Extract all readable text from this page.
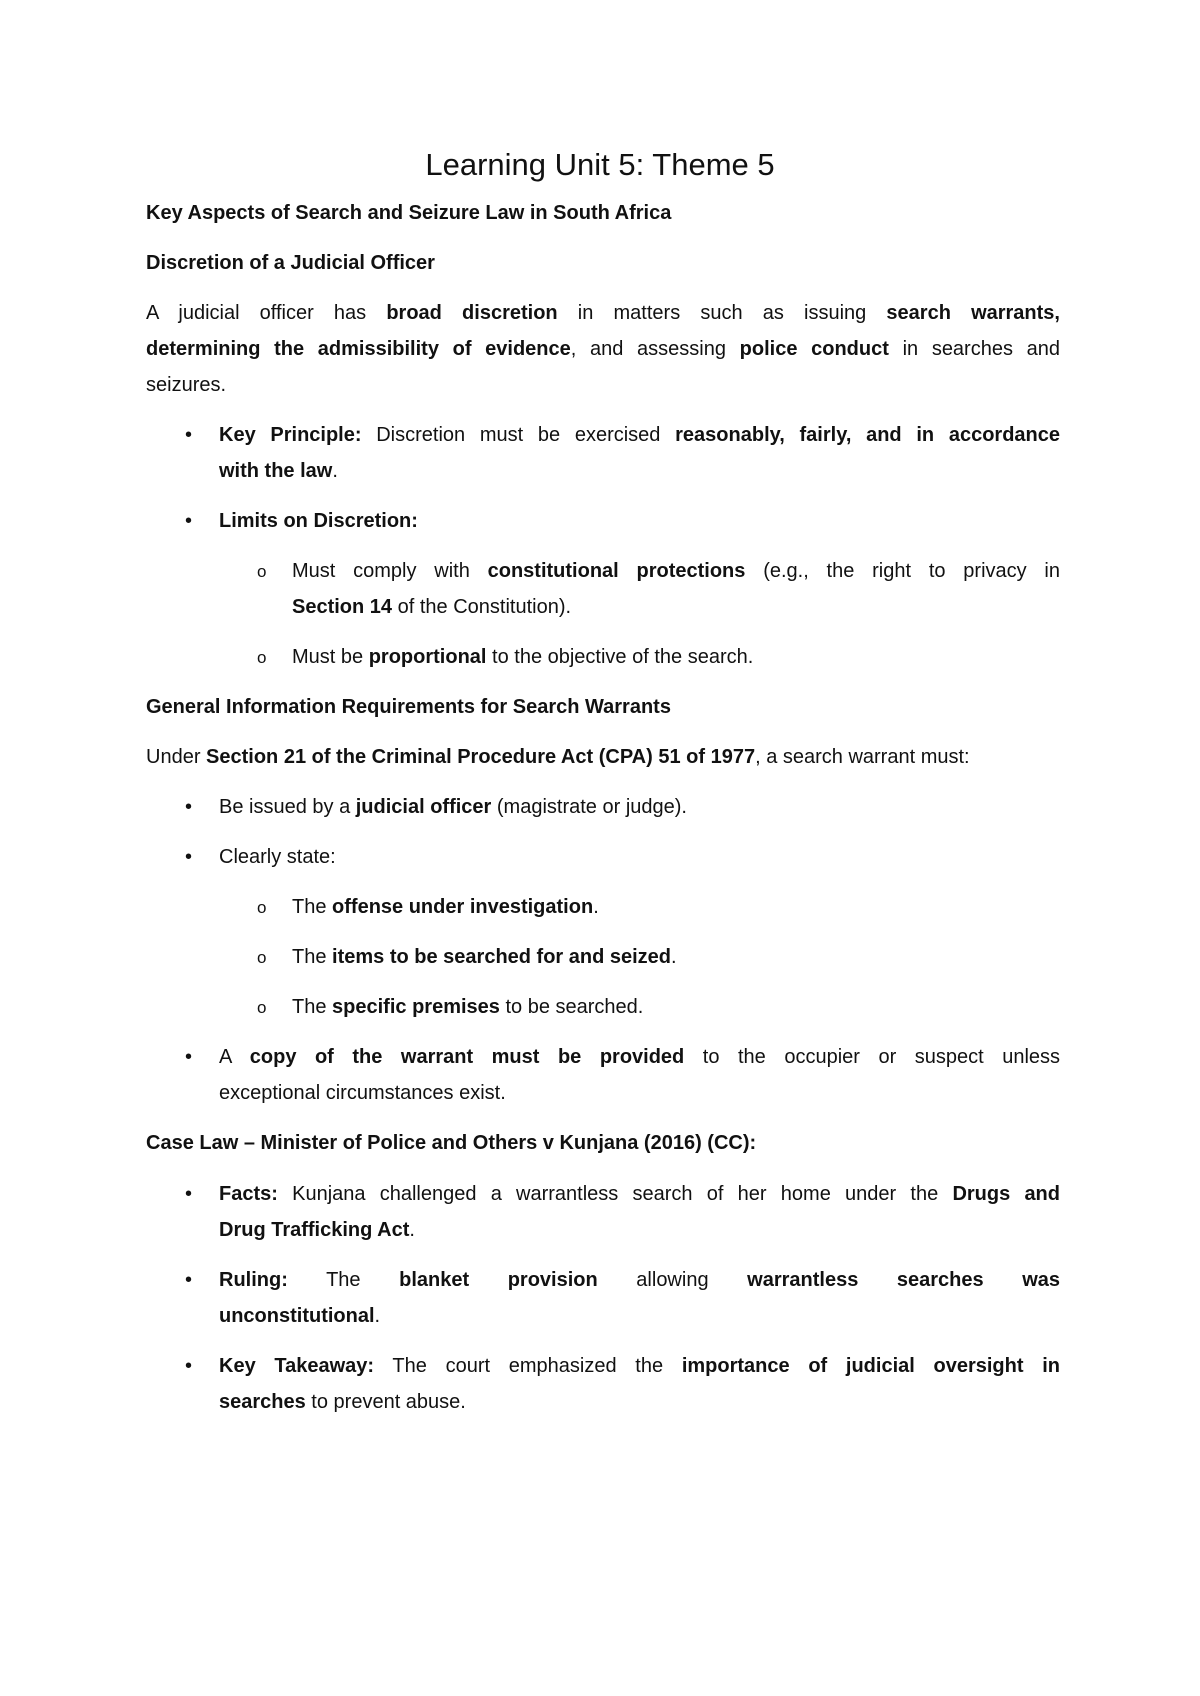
Learning Unit 5: Theme 5
Key Aspects of Search and Seizure Law in South Africa
Discretion of a Judicial Officer
A judicial officer has broad discretion in matters such as issuing search warrants,
determining the admissibility of evidence, and assessing police conduct in searches and
seizures.
• Key Principle: Discretion must be exercised reasonably, fairly, and in accordance
with the law.
• Limits on Discretion:
o Must comply with constitutional protections (e.g., the right to privacy in
Section 14 of the Constitution).
o Must be proportional to the objective of the search.
General Information Requirements for Search Warrants
Under Section 21 of the Criminal Procedure Act (CPA) 51 of 1977, a search warrant must:
• Be issued by a judicial officer (magistrate or judge).
• Clearly state:
o The offense under investigation.
o The items to be searched for and seized.
o The specific premises to be searched.
• A copy of the warrant must be provided to the occupier or suspect unless
exceptional circumstances exist.
Case Law – Minister of Police and Others v Kunjana (2016) (CC):
• Facts: Kunjana challenged a warrantless search of her home under the Drugs and
Drug Trafficking Act.
• Ruling: The blanket provision allowing warrantless searches was
unconstitutional.
• Key Takeaway: The court emphasized the importance of judicial oversight in
searches to prevent abuse.
